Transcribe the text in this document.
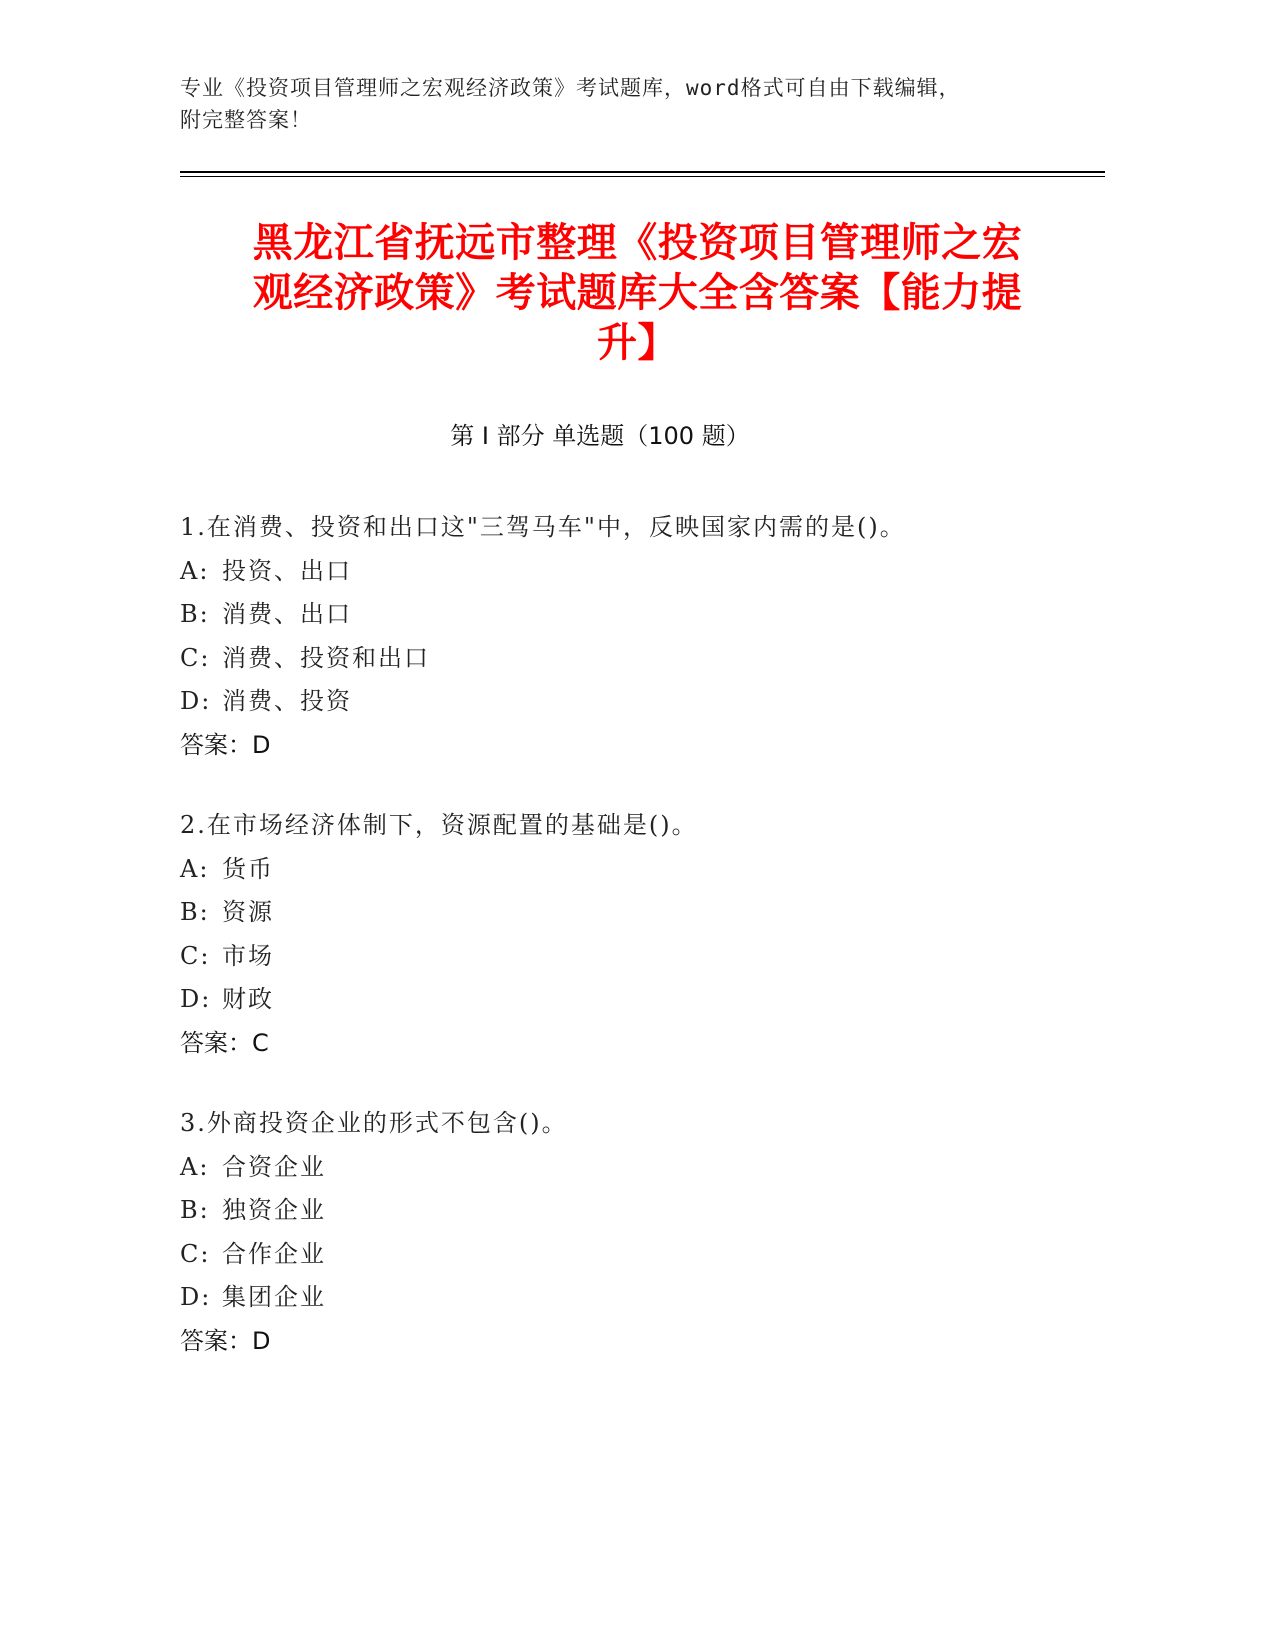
专业《投资项目管理师之宏观经济政策》考试题库，word格式可自由下载编辑，
附完整答案！
黑龙江省抚远市整理《投资项目管理师之宏
观经济政策》考试题库大全含答案【能力提
升】
第 I 部分 单选题（100 题）
1.在消费、投资和出口这"三驾马车"中，反映国家内需的是()。
A: 投资、出口
B: 消费、出口
C: 消费、投资和出口
D: 消费、投资
答案：D
2.在市场经济体制下，资源配置的基础是()。
A: 货币
B: 资源
C: 市场
D: 财政
答案：C
3.外商投资企业的形式不包含()。
A: 合资企业
B: 独资企业
C: 合作企业
D: 集团企业
答案：D
